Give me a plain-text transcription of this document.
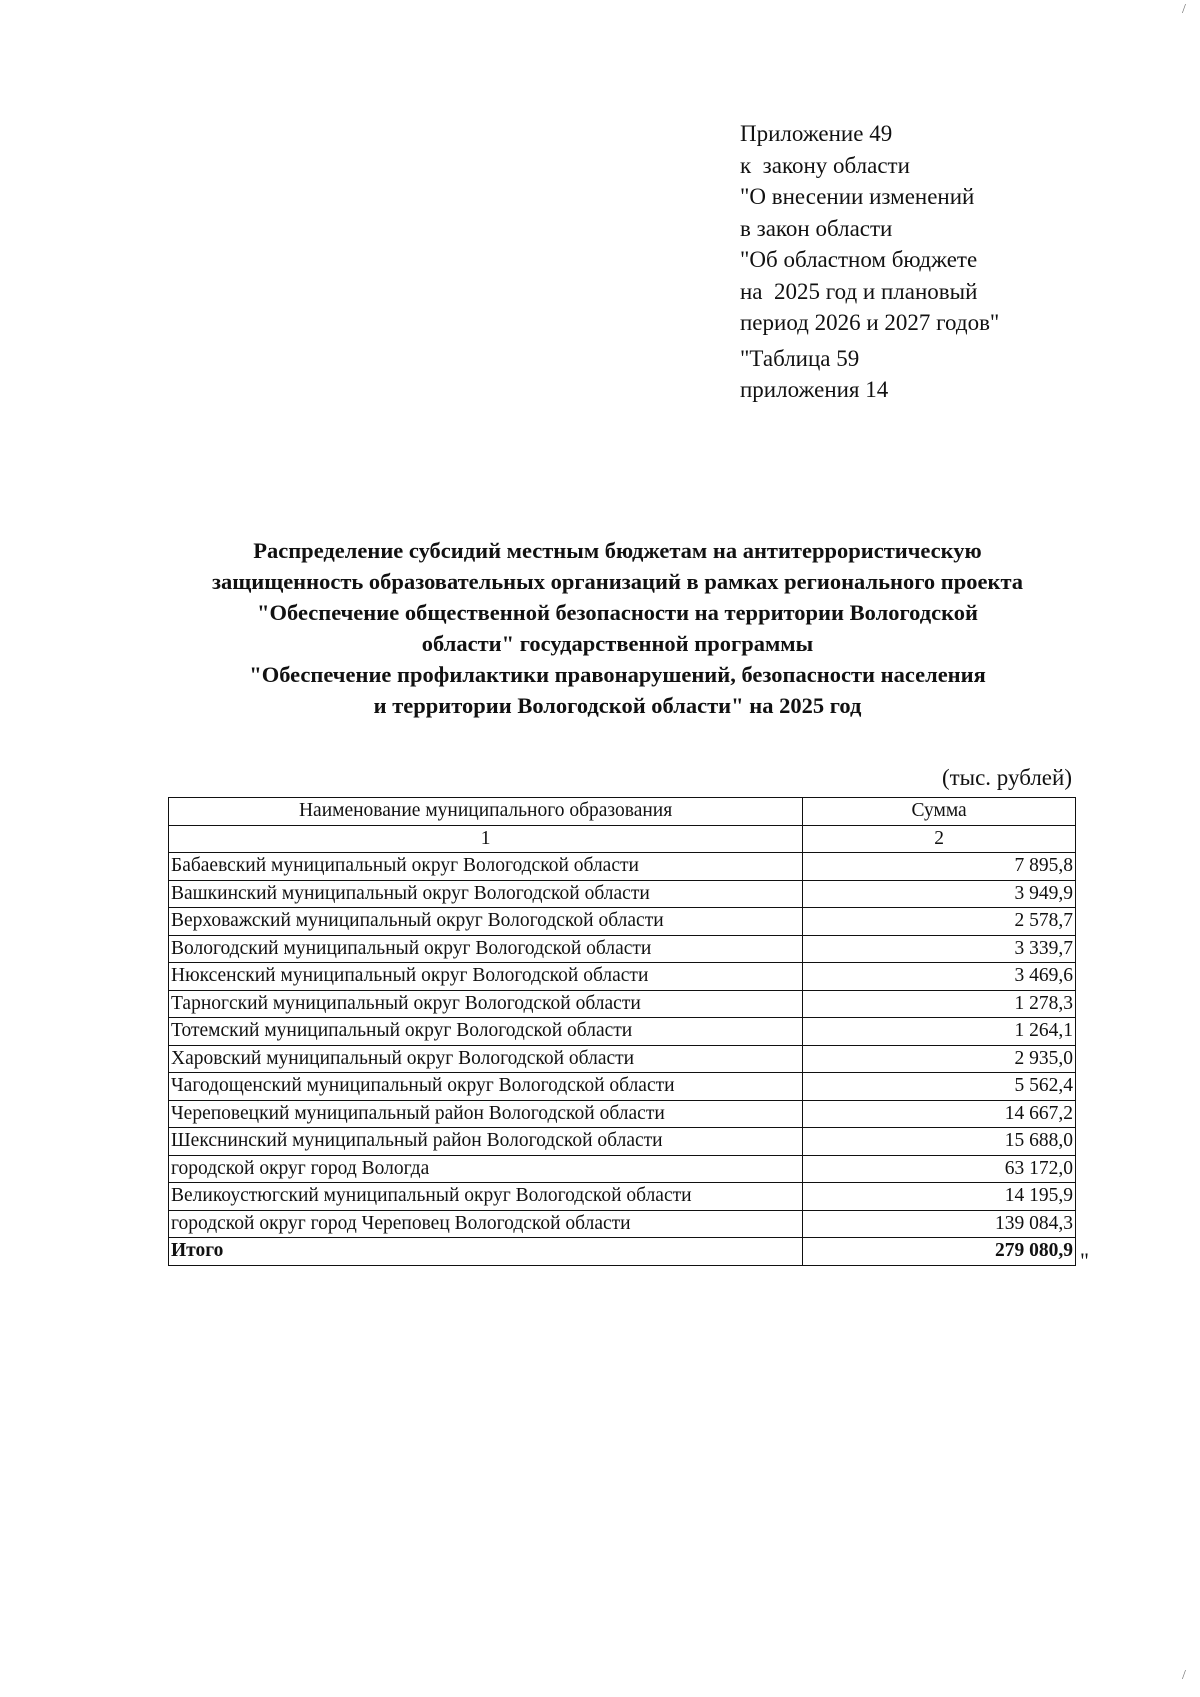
Приложение 49
к  закону области
"О внесении изменений
в закон области
"Об областном бюджете
на  2025 год и плановый
период 2026 и 2027 годов"
"Таблица 59
приложения 14
Распределение субсидий местным бюджетам на антитеррористическую
защищенность образовательных организаций в рамках регионального проекта
"Обеспечение общественной безопасности на территории Вологодской
области" государственной программы
"Обеспечение профилактики правонарушений, безопасности населения
и территории Вологодской области" на 2025 год
(тыс. рублей)
Наименование муниципального образования	Сумма
1	2
Бабаевский муниципальный округ Вологодской области	7 895,8
Вашкинский муниципальный округ Вологодской области	3 949,9
Верховажский муниципальный округ Вологодской области	2 578,7
Вологодский муниципальный округ Вологодской области	3 339,7
Нюксенский муниципальный округ Вологодской области	3 469,6
Тарногский муниципальный округ Вологодской области	1 278,3
Тотемский муниципальный округ Вологодской области	1 264,1
Харовский муниципальный округ Вологодской области	2 935,0
Чагодощенский муниципальный округ Вологодской области	5 562,4
Череповецкий муниципальный район Вологодской области	14 667,2
Шекснинский муниципальный район Вологодской области	15 688,0
городской округ город Вологда	63 172,0
Великоустюгский муниципальный округ Вологодской области	14 195,9
городской округ город Череповец Вологодской области	139 084,3
Итого	279 080,9 "
/
/
